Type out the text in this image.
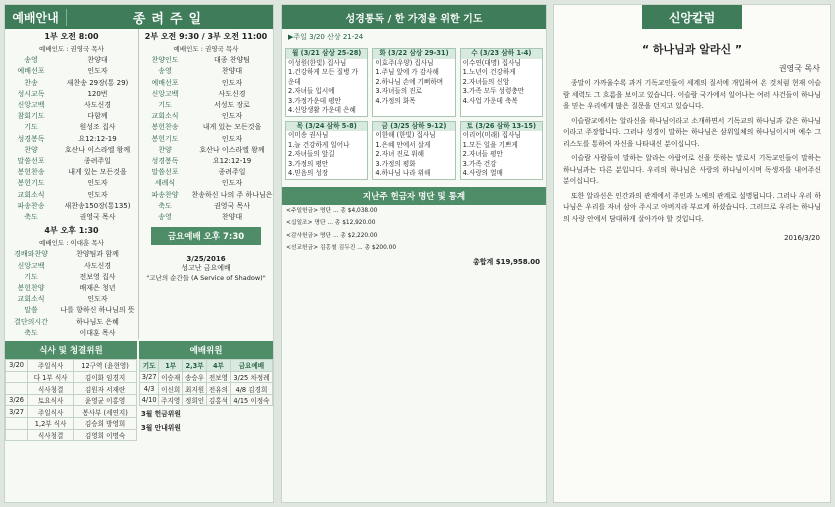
예배안내	종려주일
1부 오전 8:00
예배인도 : 권영국 목사
송영	찬양대
예배선포	인도자
찬송	새찬송 29장(통 29)
성시교독	120번
신앙고백	사도신경
참회기도	다함께
기도	원성조 집사
성경봉독	요12:12-19
찬양	호산나 이스라엘 왕께
말씀선포	종려주일
봉헌찬송	내게 있는 모든것을
봉헌기도	인도자
교회소식	인도자
파송찬송	새찬송150장(통135)
축도	권영국 목사
2부 오전 9:30 / 3부 오전 11:00
예배인도 : 권영국 목사
찬양인도	대종 찬양팀
송영	찬양대
예배선포	인도자
신앙고백	사도신경
기도	서성도 장로
교회소식	인도자
봉헌찬송	내게 있는 모든것을
봉헌기도	인도자
찬양	호산나 이스라엘 왕께
성경봉독	요12:12-19
말씀선포	종려주일
세례식	인도자
파송찬양	찬송하신 나의 주 하나님은
축도	권영국 목사
송영	찬양대
4부 오후 1:30
예배인도 : 이대훈 목사
경배와찬양	찬양팀과 함께
신앙고백	사도신경
기도	전보영 집사
봉헌찬양	배재은 청년
교회소식	인도자
말씀	나를 향하신 하나님의 뜻
결단의시간	하나님도 은혜
축도	이대훈 목사
금요예배 오후 7:30
3/25/2016
성고난 금요예배
"고난의 순간들 (A Service of Shadow)"
식사 및 청결위원
3/20	주일식사	12구역 (윤현영)
	다 1부 식사	김이화 임경지
	식사청결	김원자 서재란
3/26	토요식사	윤영균 이홍영
3/27	주일식사	봉사부 (세연지)
	1,2부 식사	김승희 방영희
	식사청결	김영희 이명숙
예배위원
기도	1부	2,3부	4부	금요예배
3/27	이승재	송승우	전보영	3/25 차정례
4/3	이신희	최지원	전유의	4/8 김경희
4/10	주지영	정희인	김홍석	4/15 이정숙
3월 헌금위원
3월 안내위원
성경통독 / 한 가정을 위한 기도
▶주일 3/20 산상 21-24
월 (3/21 삼상 25-28)
이성원(한빛) 집사님
1.건강하게 모든 질병 가 운데
2.자녀들 입시에
3.가정가운데 평안
4.신앙생활 가운데 은혜
화 (3/22 삼상 29-31)
이효주(우양) 집사님
1.주님 앞에 가 감사해
2.하나님 손에 기뻐하며
3.자녀들의 진로
4.가정의 화목
수 (3/23 삼하 1-4)
이수연(대명) 집사님
1.노년이 건강하게
2.자녀들의 신앙
3.가족 모두 성령충만
4.사업 가운데 축복
목 (3/24 삼하 5-8)
이미송 권사님
1.늘 건강하게 일어나
2.자녀들의 앞길
3.가정의 평안
4.믿음의 성장
금 (3/25 삼하 9-12)
이한해 (한빛) 집사님
1.은혜 안에서 살게
2.자녀 진로 위해
3.가정의 평화
4.하나님 나라 위해
토 (3/26 삼하 13-15)
이리어(미래) 집사님
1.모든 일을 기쁘게
2.자녀들 평안
3.가족 건강
4.사랑의 열매
지난주 헌금자 명단 및 통계
<주일헌금> 명단 ... 총 $4,038.00
<십일조> 명단 ... 총 $12,920.00
<감사헌금> 명단 ... 총 $2,220.00
<선교헌금> 김홍철 김두진 ... 총 $200.00
총합계 $19,958.00
신앙칼럼
“ 하나님과 알라신 ”
권영국 목사

종말이 가까울수록 과거 기독교인들이 세계의 질서에 개입하여 온 것처럼 현재 이슬람 세력도 그 흐름을 보이고 있습니다. 이슬람 국가에서 일어나는 여러 사건들이 하나님을 믿는 우리에게 많은 질문을 던지고 있습니다.

이슬람교에서는 알라신을 하나님이라고 소개하면서 기독교의 하나님과 같은 하나님이라고 주장합니다. 그러나 성경이 말하는 하나님은 삼위일체의 하나님이시며 예수 그리스도를 통하여 자신을 나타내신 분이십니다.

이슬람 사람들이 말하는 알라는 아랍어로 신을 뜻하는 말로서 기독교인들이 말하는 하나님과는 다른 분입니다. 우리의 하나님은 사랑의 하나님이시며 독생자를 내어주신 분이십니다.

또한 알라신은 인간과의 관계에서 주인과 노예의 관계로 설명됩니다. 그러나 우리 하나님은 우리를 자녀 삼아 주시고 아버지라 부르게 하셨습니다. 그러므로 우리는 하나님의 사랑 안에서 담대하게 살아가야 할 것입니다.

2016/3/20
